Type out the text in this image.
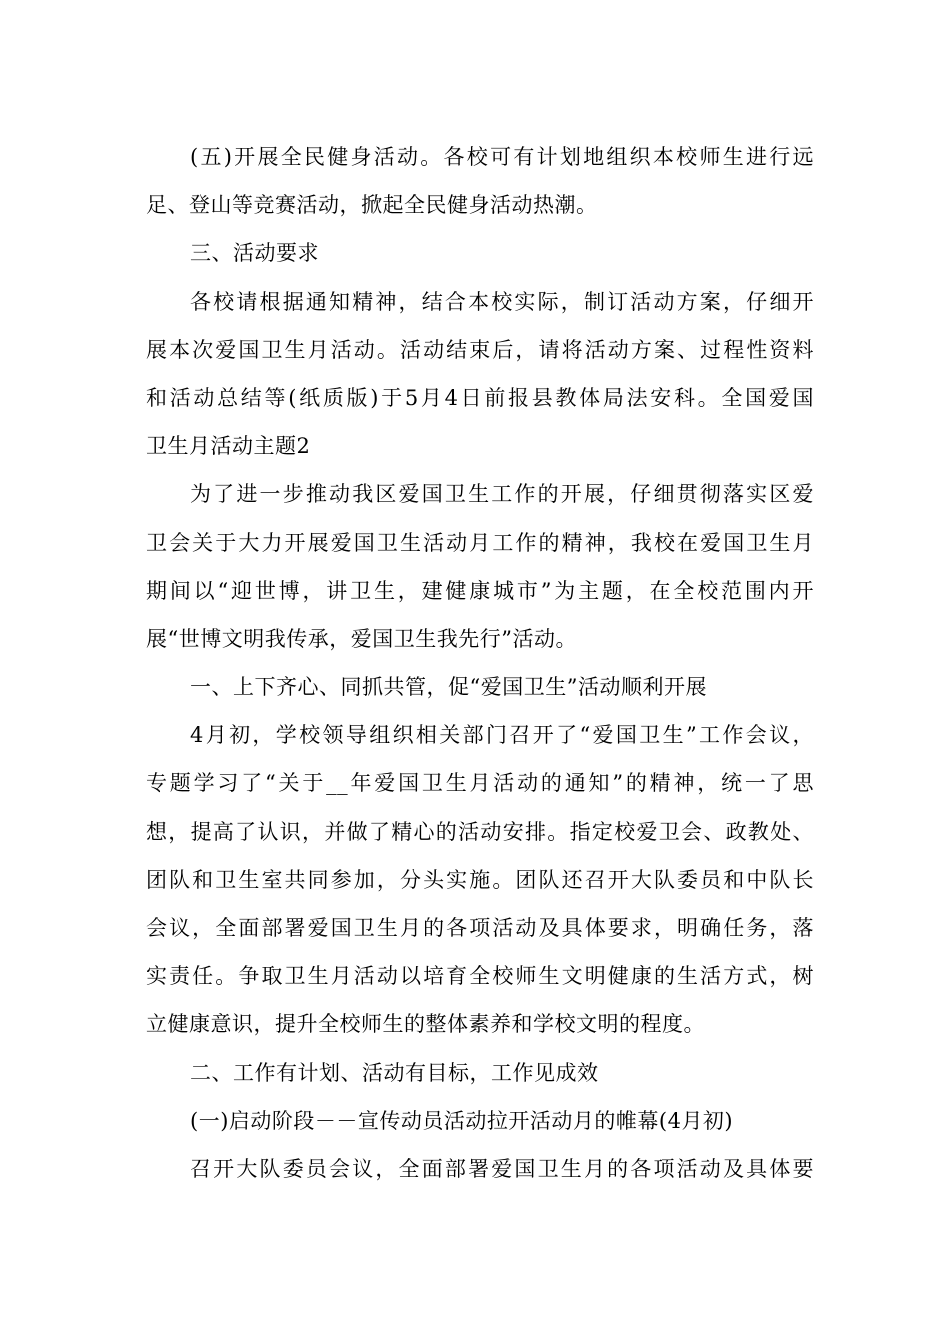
(五)开展全民健身活动。各校可有计划地组织本校师生进行远
足、登山等竞赛活动，掀起全民健身活动热潮。
三、活动要求
各校请根据通知精神，结合本校实际，制订活动方案，仔细开
展本次爱国卫生月活动。活动结束后，请将活动方案、过程性资料
和活动总结等(纸质版)于5月4日前报县教体局法安科。全国爱国
卫生月活动主题2
为了进一步推动我区爱国卫生工作的开展，仔细贯彻落实区爱
卫会关于大力开展爱国卫生活动月工作的精神，我校在爱国卫生月
期间以“迎世博，讲卫生，建健康城市”为主题，在全校范围内开
展“世博文明我传承，爱国卫生我先行”活动。
一、上下齐心、同抓共管，促“爱国卫生”活动顺利开展
4月初，学校领导组织相关部门召开了“爱国卫生”工作会议，
专题学习了“关于__年爱国卫生月活动的通知”的精神，统一了思
想，提高了认识，并做了精心的活动安排。指定校爱卫会、政教处、
团队和卫生室共同参加，分头实施。团队还召开大队委员和中队长
会议，全面部署爱国卫生月的各项活动及具体要求，明确任务，落
实责任。争取卫生月活动以培育全校师生文明健康的生活方式，树
立健康意识，提升全校师生的整体素养和学校文明的程度。
二、工作有计划、活动有目标，工作见成效
(一)启动阶段－－宣传动员活动拉开活动月的帷幕(4月初)
召开大队委员会议，全面部署爱国卫生月的各项活动及具体要
